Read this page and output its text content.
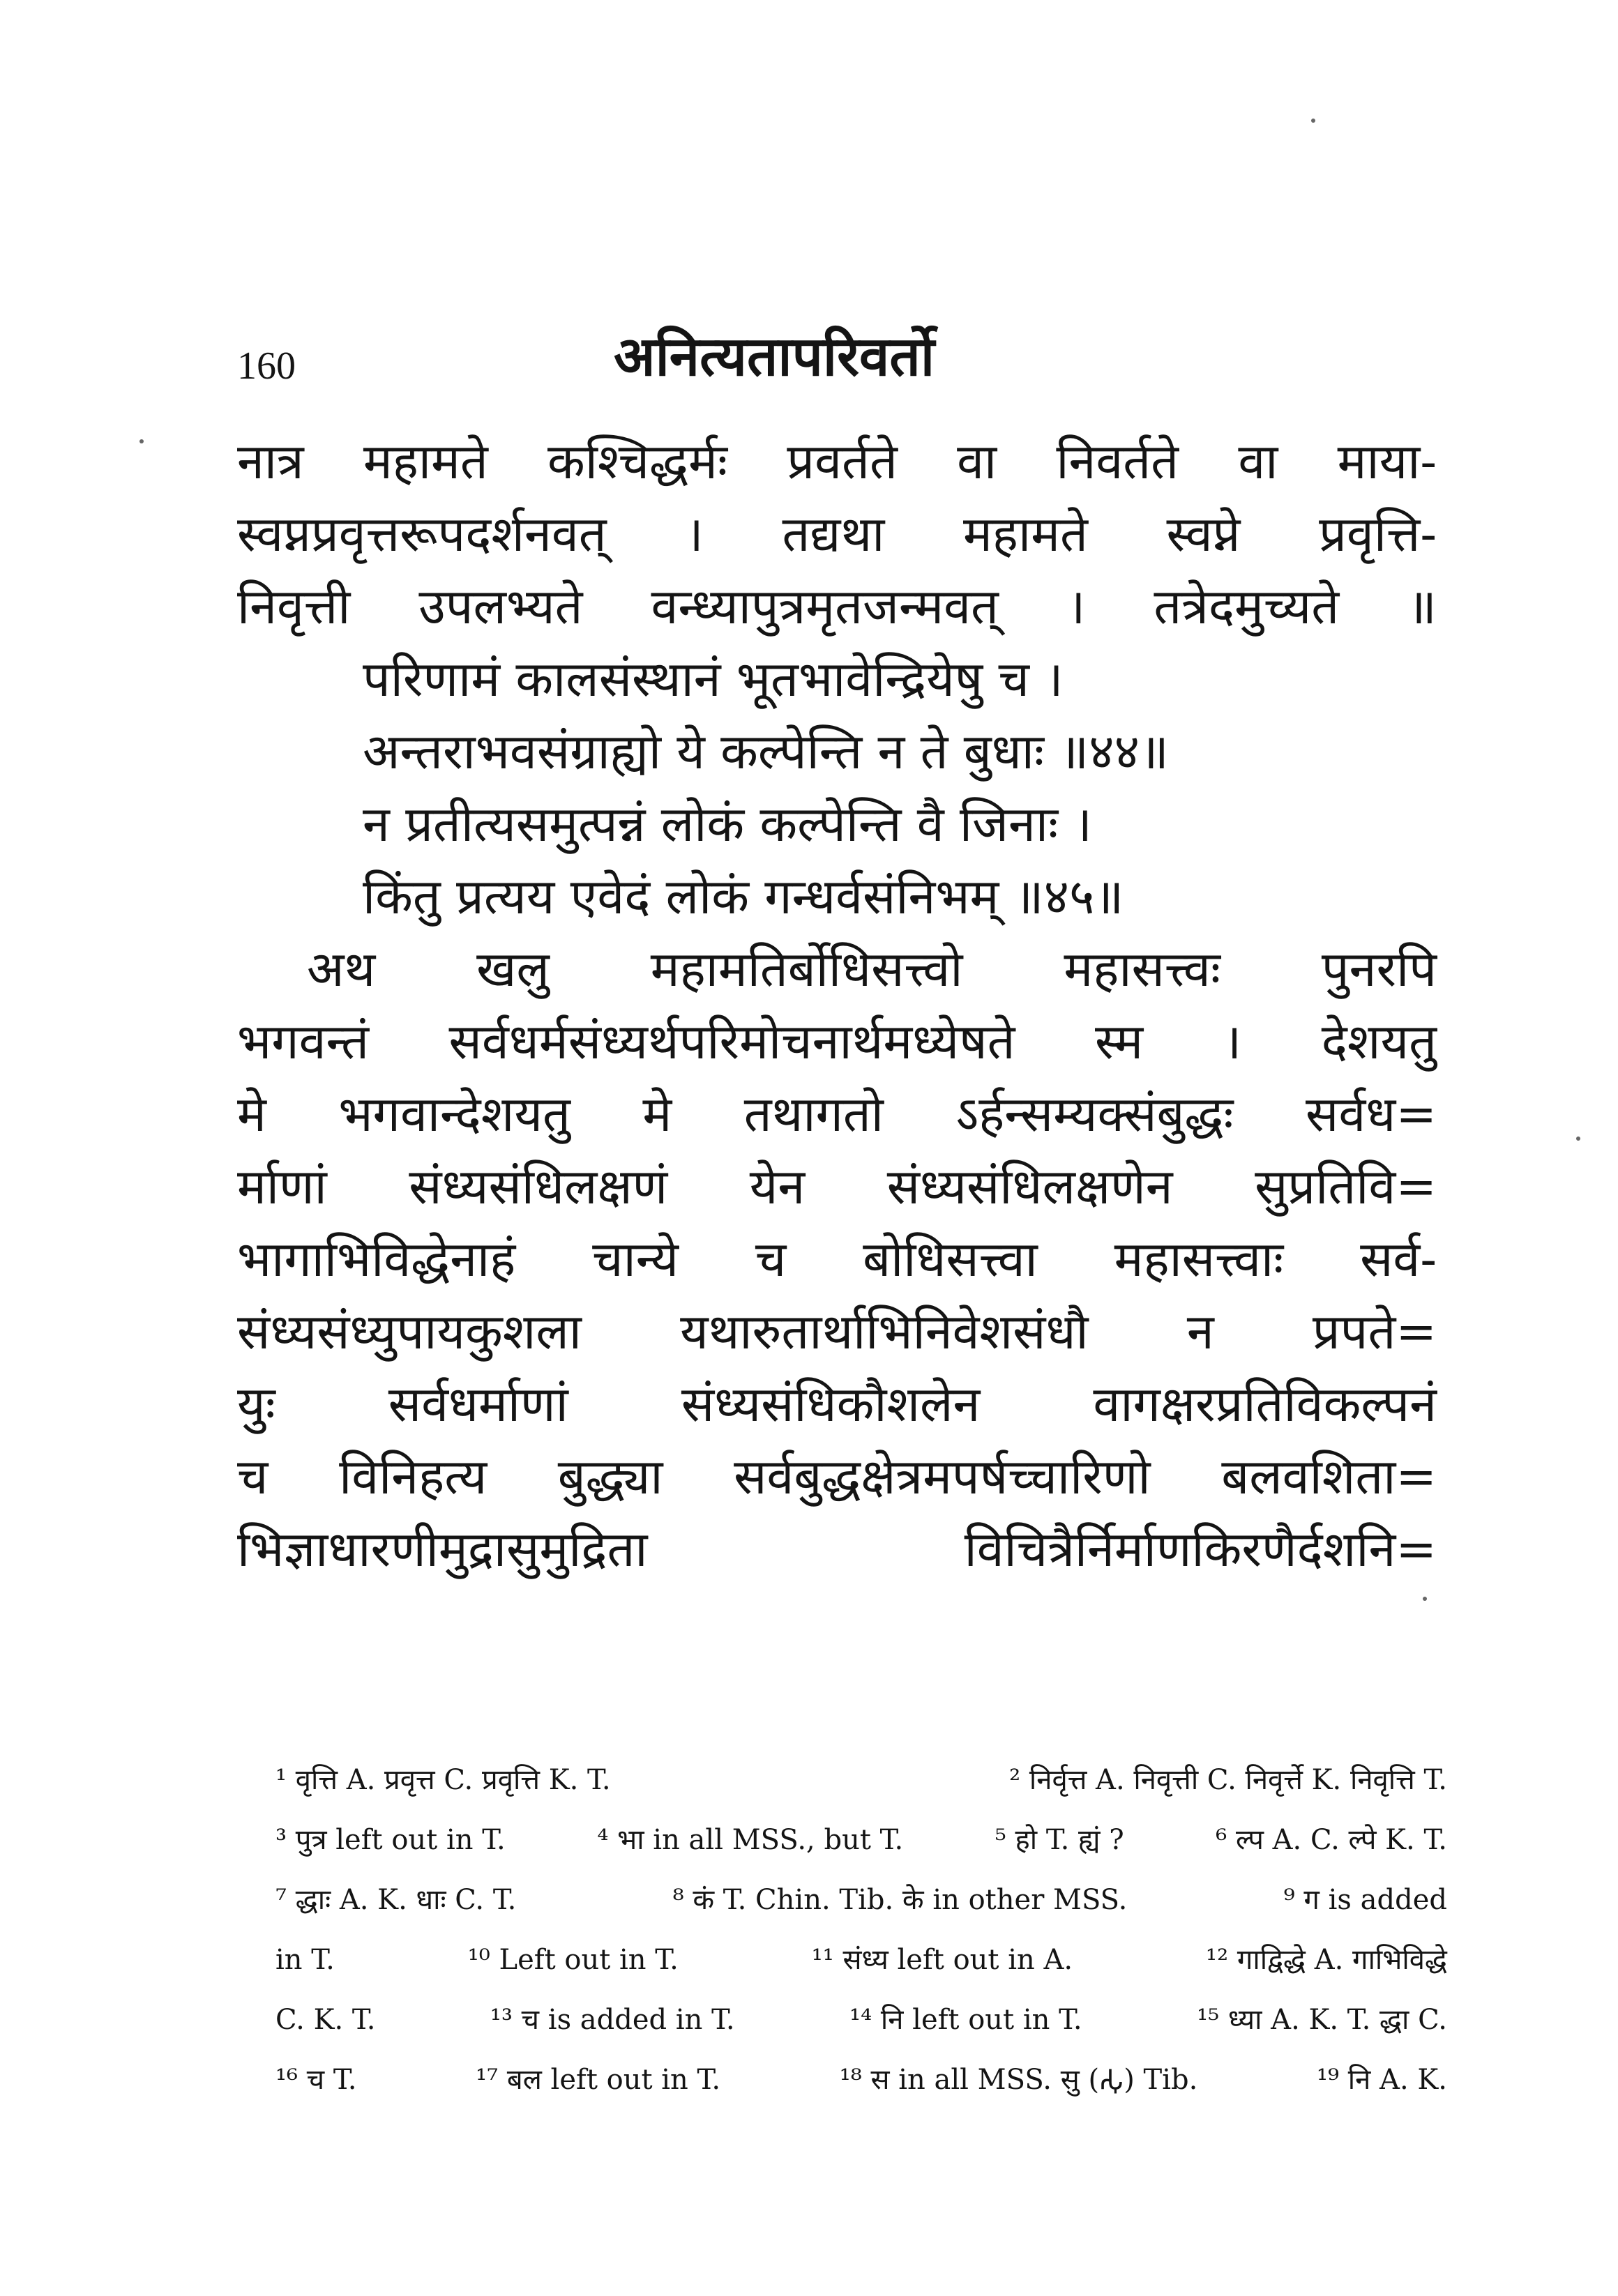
160	अनित्यतापरिवर्तो
नात्र महामते कश्चिद्धर्मः प्रवर्तते वा निवर्तते वा माया-
स्वप्नप्रवृत्तरूपदर्शनवत् । तद्यथा महामते स्वप्ने प्रवृत्ति-
निवृत्ती उपलभ्यते वन्ध्यापुत्रमृतजन्मवत् । तत्रेदमुच्यते ॥
परिणामं कालसंस्थानं भूतभावेन्द्रियेषु च ।
अन्तराभवसंग्राह्यो ये कल्पेन्ति न ते बुधाः ॥४४॥
न प्रतीत्यसमुत्पन्नं लोकं कल्पेन्ति वै जिनाः ।
किंतु प्रत्यय एवेदं लोकं गन्धर्वसंनिभम् ॥४५॥
अथ खलु महामतिर्बोधिसत्त्वो महासत्त्वः पुनरपि
भगवन्तं सर्वधर्मसंध्यर्थपरिमोचनार्थमध्येषते स्म । देशयतु
मे भगवान्देशयतु मे तथागतो ऽर्हन्सम्यक्संबुद्धः सर्वध=
र्माणां संध्यसंधिलक्षणं येन संध्यसंधिलक्षणेन सुप्रतिवि=
भागाभिविद्धेनाहं चान्ये च बोधिसत्त्वा महासत्त्वाः सर्व-
संध्यसंध्युपायकुशला यथारुतार्थाभिनिवेशसंधौ न प्रपते=
युः सर्वधर्माणां संध्यसंधिकौशलेन वागक्षरप्रतिविकल्पनं
च विनिहत्य बुद्ध्या सर्वबुद्धक्षेत्रमपर्षच्चारिणो बलवशिता=
भिज्ञाधारणीमुद्रासुमुद्रिता विचित्रैर्निर्माणकिरणैर्दशनि=
¹ वृत्ति A. प्रवृत्त C. प्रवृत्ति K. T.	² निर्वृत्त A. निवृत्ती C. निवृर्त्ते K. निवृत्ति T.
³ पुत्र left out in T.	⁴ भा in all MSS., but T.	⁵ हो T. ह्यं ?	⁶ ल्प A. C. ल्पे K. T.
⁷ द्धाः A. K. धाः C. T.	⁸ कं T. Chin. Tib. के in other MSS.	⁹ ग is added
in T.	¹⁰ Left out in T.	¹¹ संध्य left out in A.	¹² गाद्विद्धे A. गाभिविद्धे
C. K. T.	¹³ च is added in T.	¹⁴ नि left out in T.	¹⁵ ध्या A. K. T. द्धा C.
¹⁶ च T.	¹⁷ बल left out in T.	¹⁸ स in all MSS. सु (𑀲𑀼) Tib.	¹⁹ नि A. K.
